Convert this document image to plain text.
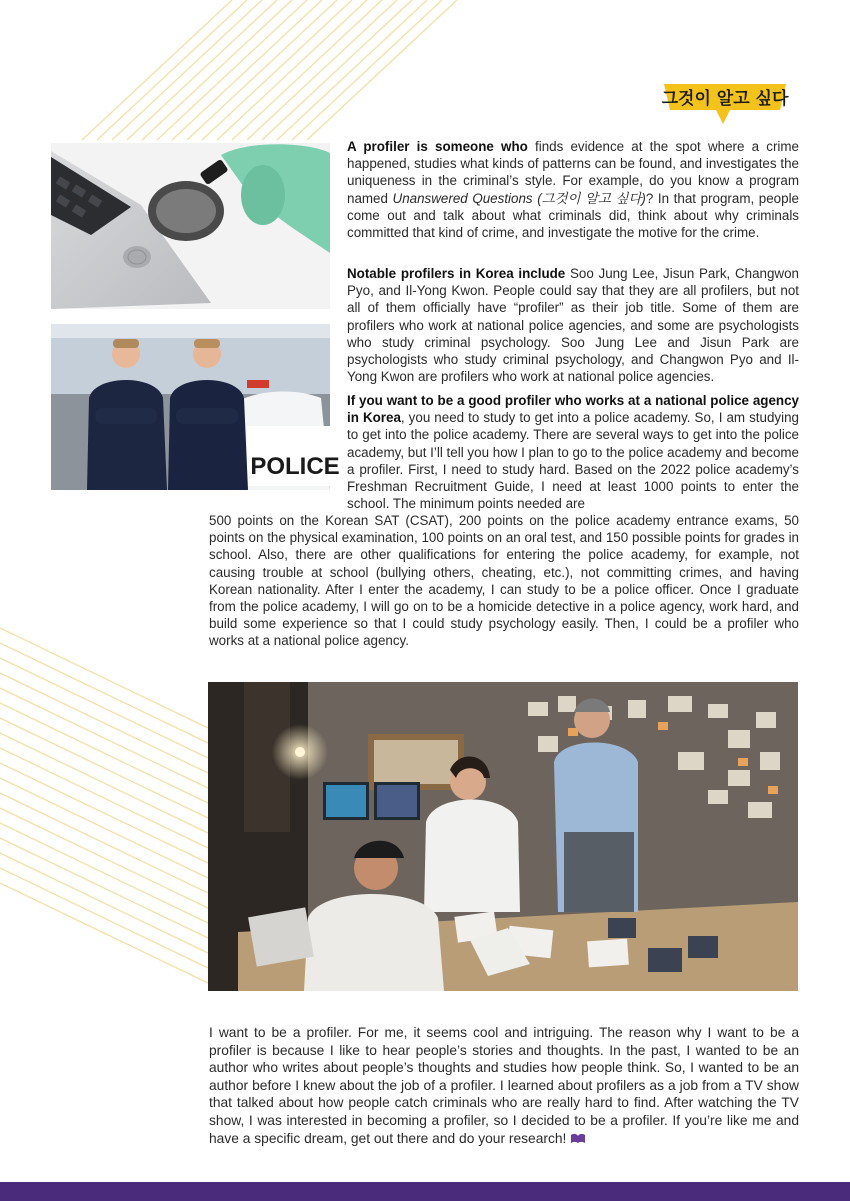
그것이 알고 싶다
POLICE

A profiler is someone who finds evidence at the spot where a crime happened, studies what kinds of patterns can be found, and investigates the uniqueness in the criminal’s style. For example, do you know a program named Unanswered Questions (그것이 알고 싶다)? In that program, people come out and talk about what criminals did, think about why criminals committed that kind of crime, and investigate the motive for the crime.

Notable profilers in Korea include Soo Jung Lee, Jisun Park, Changwon Pyo, and Il-Yong Kwon. People could say that they are all profilers, but not all of them officially have “profiler” as their job title. Some of them are profilers who work at national police agencies, and some are psychologists who study criminal psychology. Soo Jung Lee and Jisun Park are psychologists who study criminal psychology, and Changwon Pyo and Il-Yong Kwon are profilers who work at national police agencies.

If you want to be a good profiler who works at a national police agency in Korea, you need to study to get into a police academy. So, I am studying to get into the police academy. There are several ways to get into the police academy, but I’ll tell you how I plan to go to the police academy and become a profiler. First, I need to study hard. Based on the 2022 police academy’s Freshman Recruitment Guide, I need at least 1000 points to enter the school. The minimum points needed are

500 points on the Korean SAT (CSAT), 200 points on the police academy entrance exams, 50 points on the physical examination, 100 points on an oral test, and 150 possible points for grades in school. Also, there are other qualifications for entering the police academy, for example, not causing trouble at school (bullying others, cheating, etc.), not committing crimes, and having Korean nationality. After I enter the academy, I can study to be a police officer. Once I graduate from the police academy, I will go on to be a homicide detective in a police agency, work hard, and build some experience so that I could study psychology easily. Then, I could be a profiler who works at a national police agency.

I want to be a profiler. For me, it seems cool and intriguing. The reason why I want to be a profiler is because I like to hear people’s stories and thoughts. In the past, I wanted to be an author who writes about people’s thoughts and studies how people think. So, I wanted to be an author before I knew about the job of a profiler. I learned about profilers as a job from a TV show that talked about how people catch criminals who are really hard to find. After watching the TV show, I was interested in becoming a profiler, so I decided to be a profiler. If you’re like me and have a specific dream, get out there and do your research!
